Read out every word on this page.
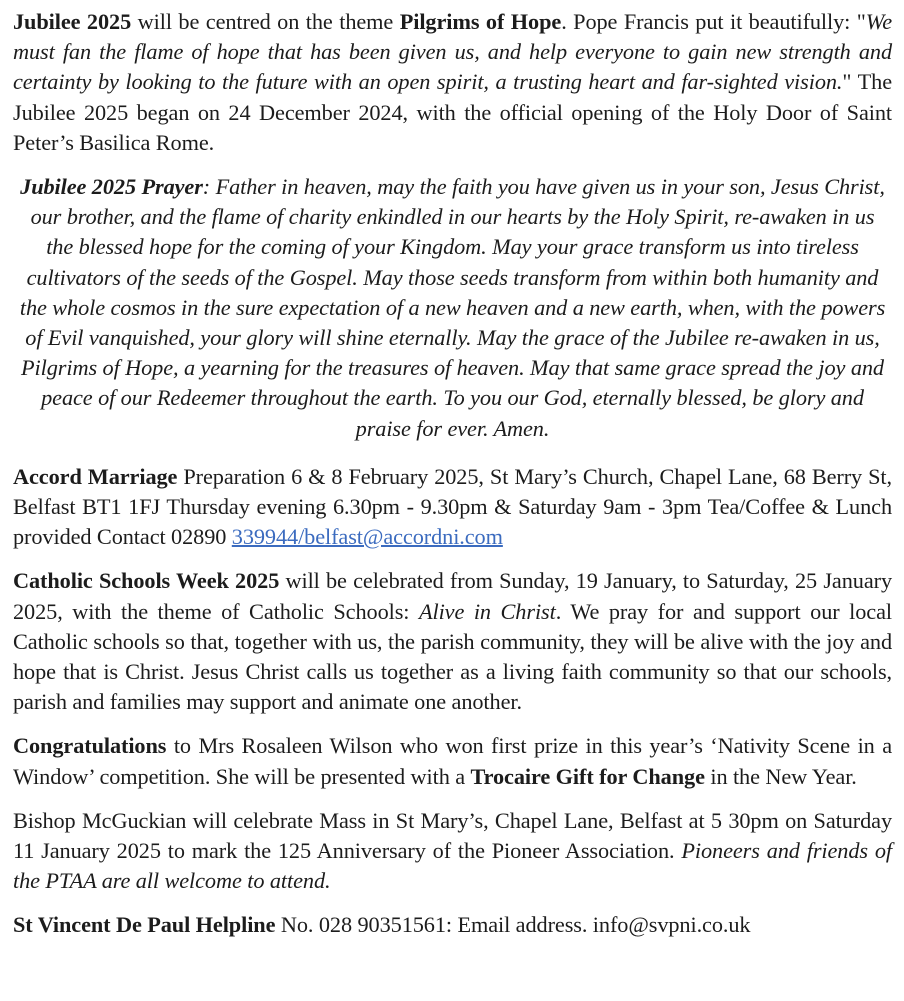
Jubilee 2025 will be centred on the theme Pilgrims of Hope. Pope Francis put it beautifully: "We must fan the flame of hope that has been given us, and help everyone to gain new strength and certainty by looking to the future with an open spirit, a trusting heart and far-sighted vision." The Jubilee 2025 began on 24 December 2024, with the official opening of the Holy Door of Saint Peter’s Basilica Rome.

Jubilee 2025 Prayer: Father in heaven, may the faith you have given us in your son, Jesus Christ, our brother, and the flame of charity enkindled in our hearts by the Holy Spirit, re-awaken in us the blessed hope for the coming of your Kingdom. May your grace transform us into tireless cultivators of the seeds of the Gospel. May those seeds transform from within both humanity and the whole cosmos in the sure expectation of a new heaven and a new earth, when, with the powers of Evil vanquished, your glory will shine eternally. May the grace of the Jubilee re-awaken in us, Pilgrims of Hope, a yearning for the treasures of heaven. May that same grace spread the joy and peace of our Redeemer throughout the earth. To you our God, eternally blessed, be glory and praise for ever. Amen.

Accord Marriage Preparation 6 & 8 February 2025, St Mary’s Church, Chapel Lane, 68 Berry St, Belfast BT1 1FJ Thursday evening 6.30pm - 9.30pm & Saturday 9am - 3pm Tea/Coffee & Lunch provided Contact 02890 339944/belfast@accordni.com

Catholic Schools Week 2025 will be celebrated from Sunday, 19 January, to Saturday, 25 January 2025, with the theme of Catholic Schools: Alive in Christ. We pray for and support our local Catholic schools so that, together with us, the parish community, they will be alive with the joy and hope that is Christ. Jesus Christ calls us together as a living faith community so that our schools, parish and families may support and animate one another.

Congratulations to Mrs Rosaleen Wilson who won first prize in this year’s ‘Nativity Scene in a Window’ competition. She will be presented with a Trocaire Gift for Change in the New Year.

Bishop McGuckian will celebrate Mass in St Mary’s, Chapel Lane, Belfast at 5 30pm on Saturday 11 January 2025 to mark the 125 Anniversary of the Pioneer Association. Pioneers and friends of the PTAA are all welcome to attend.

St Vincent De Paul Helpline No. 028 90351561: Email address. info@svpni.co.uk
